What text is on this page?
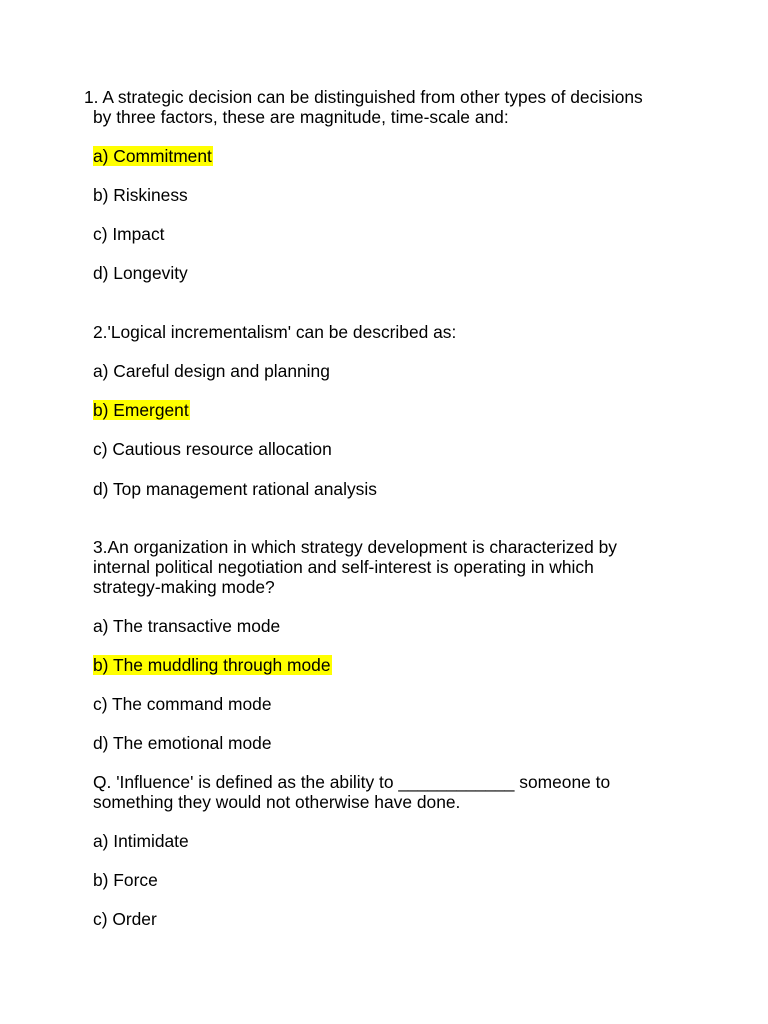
1. A strategic decision can be distinguished from other types of decisions
by three factors, these are magnitude, time-scale and:
a) Commitment
b) Riskiness
c) Impact
d) Longevity
2.'Logical incrementalism' can be described as:
a) Careful design and planning
b) Emergent
c) Cautious resource allocation
d) Top management rational analysis
3.An organization in which strategy development is characterized by
internal political negotiation and self-interest is operating in which
strategy-making mode?
a) The transactive mode
b) The muddling through mode
c) The command mode
d) The emotional mode
Q. 'Influence' is defined as the ability to ____________ someone to
something they would not otherwise have done.
a) Intimidate
b) Force
c) Order
